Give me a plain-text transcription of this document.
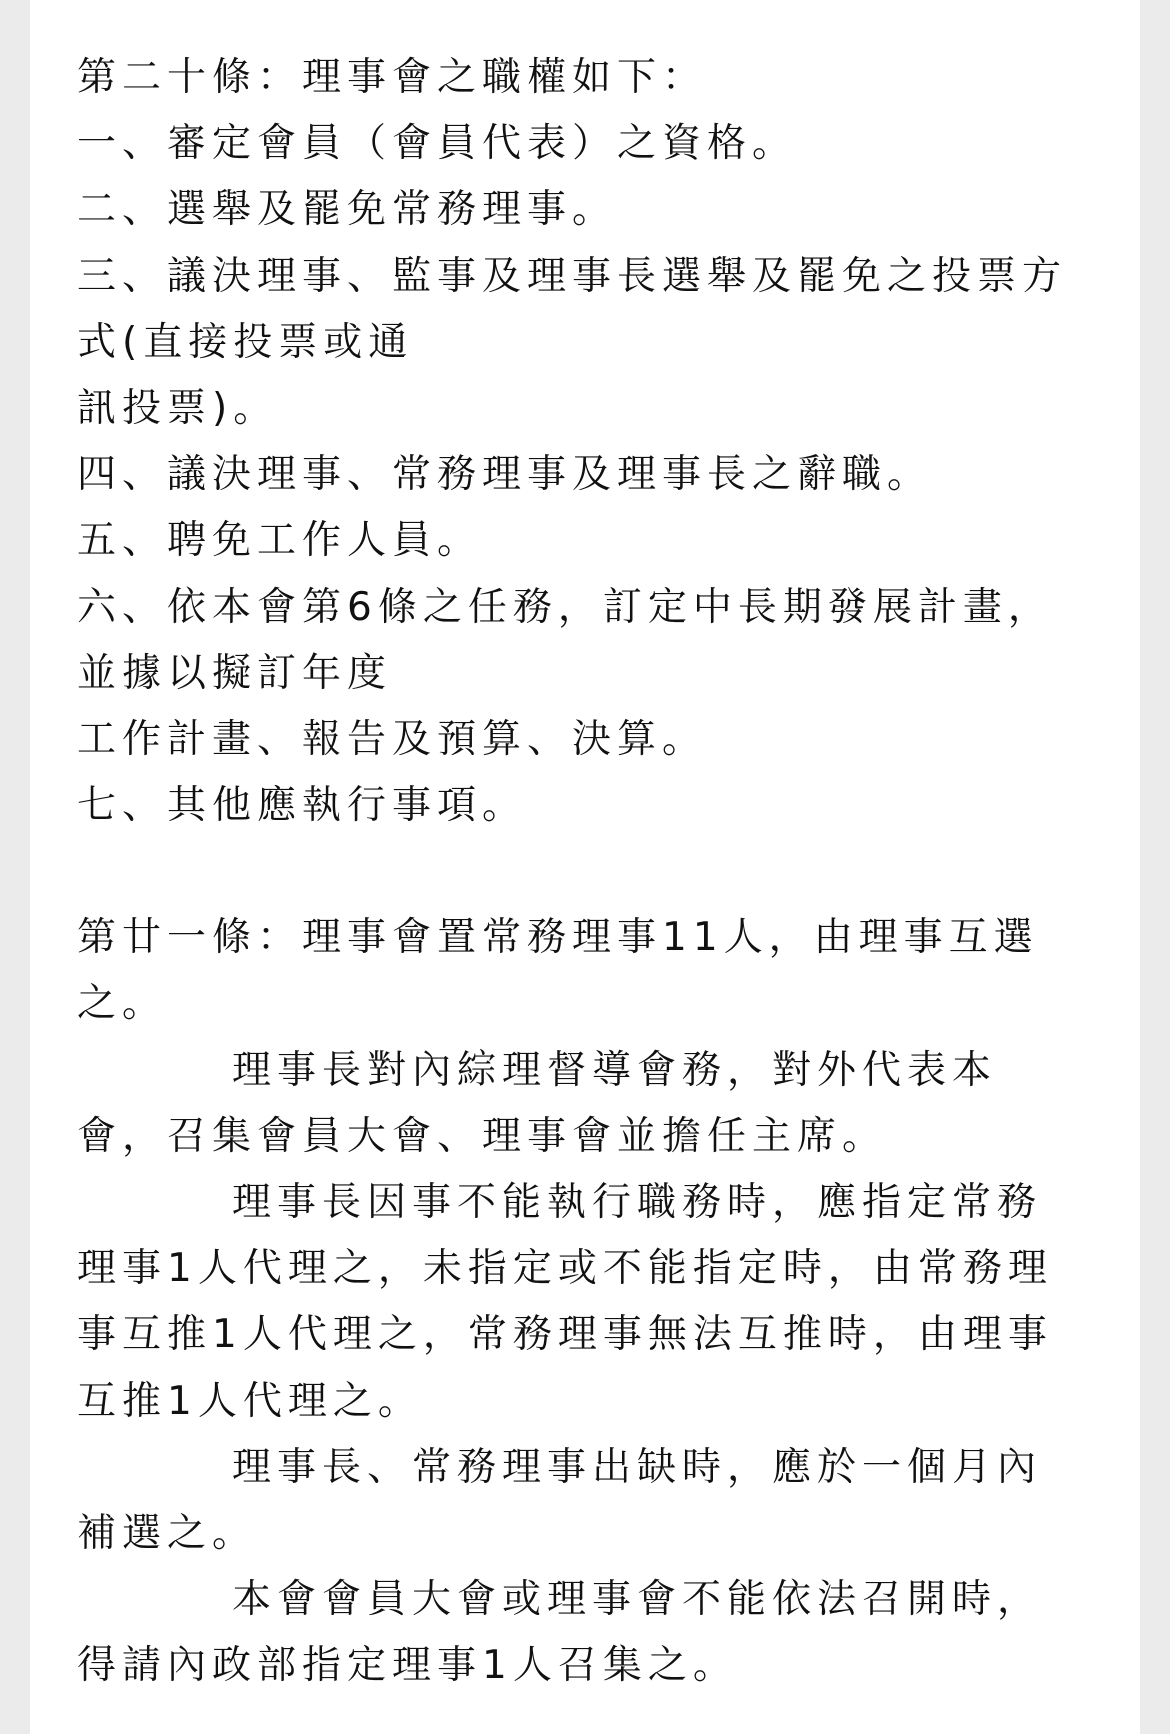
第二十條：理事會之職權如下：
一、審定會員（會員代表）之資格。
二、選舉及罷免常務理事。
三、議決理事、監事及理事長選舉及罷免之投票方
式(直接投票或通
訊投票)。
四、議決理事、常務理事及理事長之辭職。
五、聘免工作人員。
六、依本會第6條之任務，訂定中長期發展計畫，
並據以擬訂年度
工作計畫、報告及預算、決算。
七、其他應執行事項。
第廿一條：理事會置常務理事11人，由理事互選
之。
理事長對內綜理督導會務，對外代表本
會，召集會員大會、理事會並擔任主席。
理事長因事不能執行職務時，應指定常務
理事1人代理之，未指定或不能指定時，由常務理
事互推1人代理之，常務理事無法互推時，由理事
互推1人代理之。
理事長、常務理事出缺時，應於一個月內
補選之。
本會會員大會或理事會不能依法召開時，
得請內政部指定理事1人召集之。
